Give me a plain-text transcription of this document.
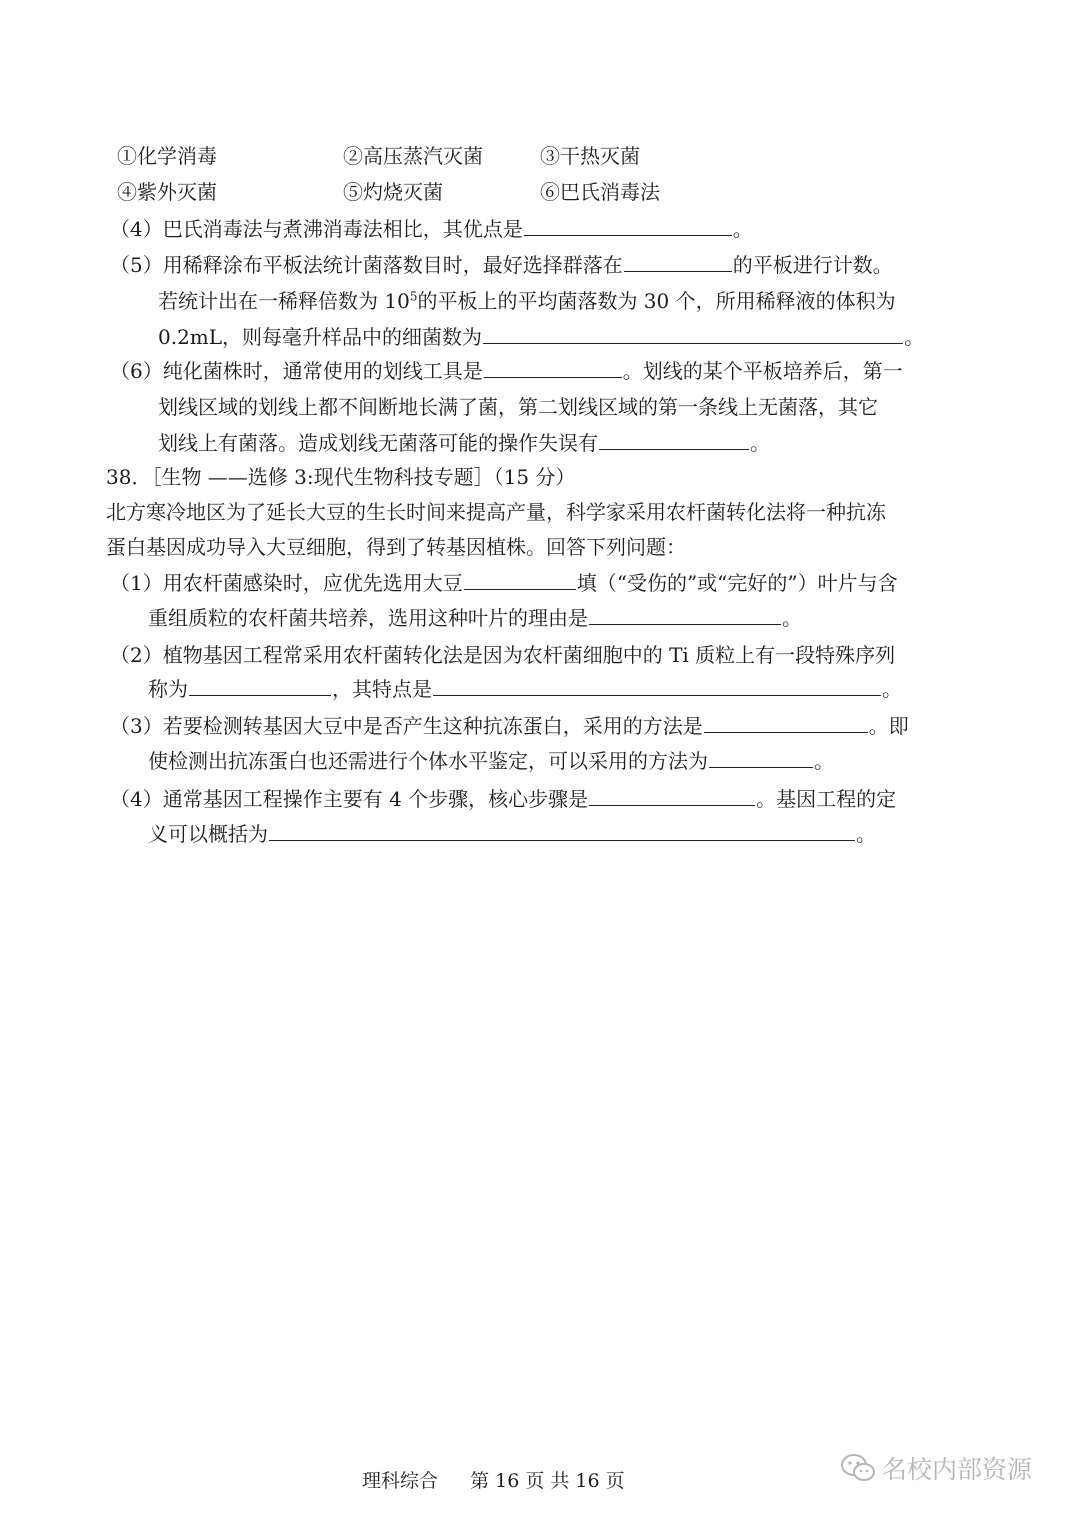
①化学消毒	②高压蒸汽灭菌	③干热灭菌
④紫外灭菌	⑤灼烧灭菌	⑥巴氏消毒法
（4）巴氏消毒法与煮沸消毒法相比，其优点是	。
（5）用稀释涂布平板法统计菌落数目时，最好选择群落在	的平板进行计数。
若统计出在一稀释倍数为 $10^5$的平板上的平均菌落数为 30 个，所用稀释液的体积为
0.2mL，则每毫升样品中的细菌数为	。
（6）纯化菌株时，通常使用的划线工具是	。划线的某个平板培养后，第一
划线区域的划线上都不间断地长满了菌，第二划线区域的第一条线上无菌落，其它
划线上有菌落。造成划线无菌落可能的操作失误有	。
38．［生物 ——选修 3:现代生物科技专题］（15 分）
北方寒冷地区为了延长大豆的生长时间来提高产量，科学家采用农杆菌转化法将一种抗冻
蛋白基因成功导入大豆细胞，得到了转基因植株。回答下列问题：
（1）用农杆菌感染时，应优先选用大豆	填（“受伤的”或“完好的”）叶片与含
重组质粒的农杆菌共培养，选用这种叶片的理由是	。
（2）植物基因工程常采用农杆菌转化法是因为农杆菌细胞中的 Ti 质粒上有一段特殊序列
称为	，其特点是	。
（3）若要检测转基因大豆中是否产生这种抗冻蛋白，采用的方法是	。即
使检测出抗冻蛋白也还需进行个体水平鉴定，可以采用的方法为	。
（4）通常基因工程操作主要有 4 个步骤，核心步骤是	。基因工程的定
义可以概括为	。
理科综合 第 16 页 共 16 页	名校内部资源
